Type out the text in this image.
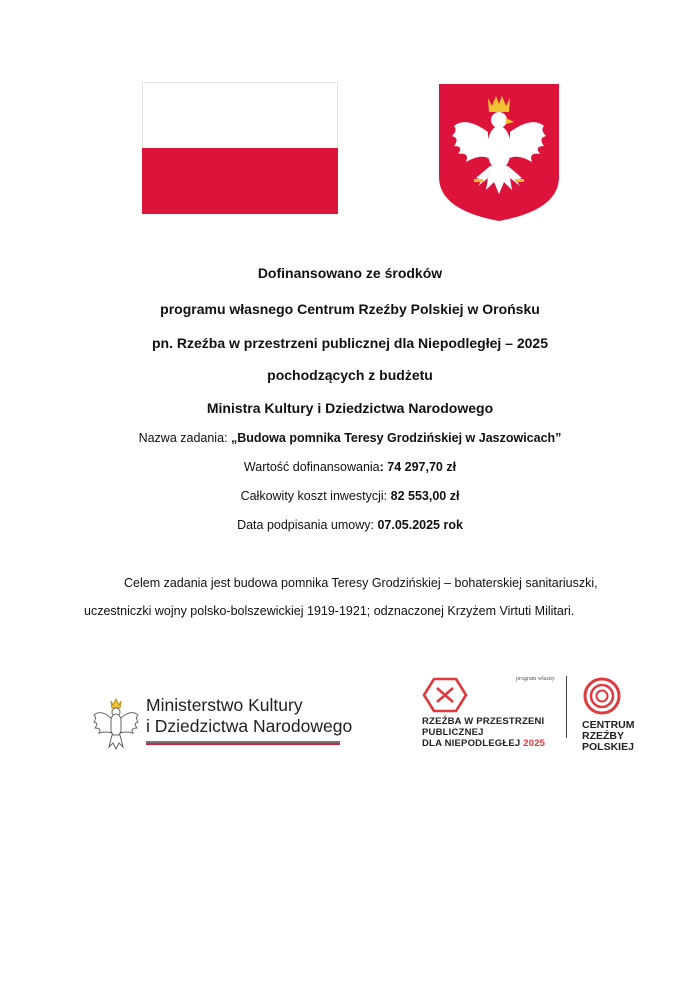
Dofinansowano ze środków
programu własnego Centrum Rzeźby Polskiej w Orońsku
pn. Rzeźba w przestrzeni publicznej dla Niepodległej – 2025
pochodzących z budżetu
Ministra Kultury i Dziedzictwa Narodowego
Nazwa zadania: „Budowa pomnika Teresy Grodzińskiej w Jaszowicach”
Wartość dofinansowania: 74 297,70 zł
Całkowity koszt inwestycji: 82 553,00 zł
Data podpisania umowy: 07.05.2025 rok
Celem zadania jest budowa pomnika Teresy Grodzińskiej – bohaterskiej sanitariuszki,
uczestniczki wojny polsko-bolszewickiej 1919-1921; odznaczonej Krzyżem Virtuti Militari.
Ministerstwo Kultury
i Dziedzictwa Narodowego
program własny
RZEŹBA W PRZESTRZENI
PUBLICZNEJ
DLA NIEPODLEGŁEJ 2025
CENTRUM
RZEŹBY
POLSKIEJ
